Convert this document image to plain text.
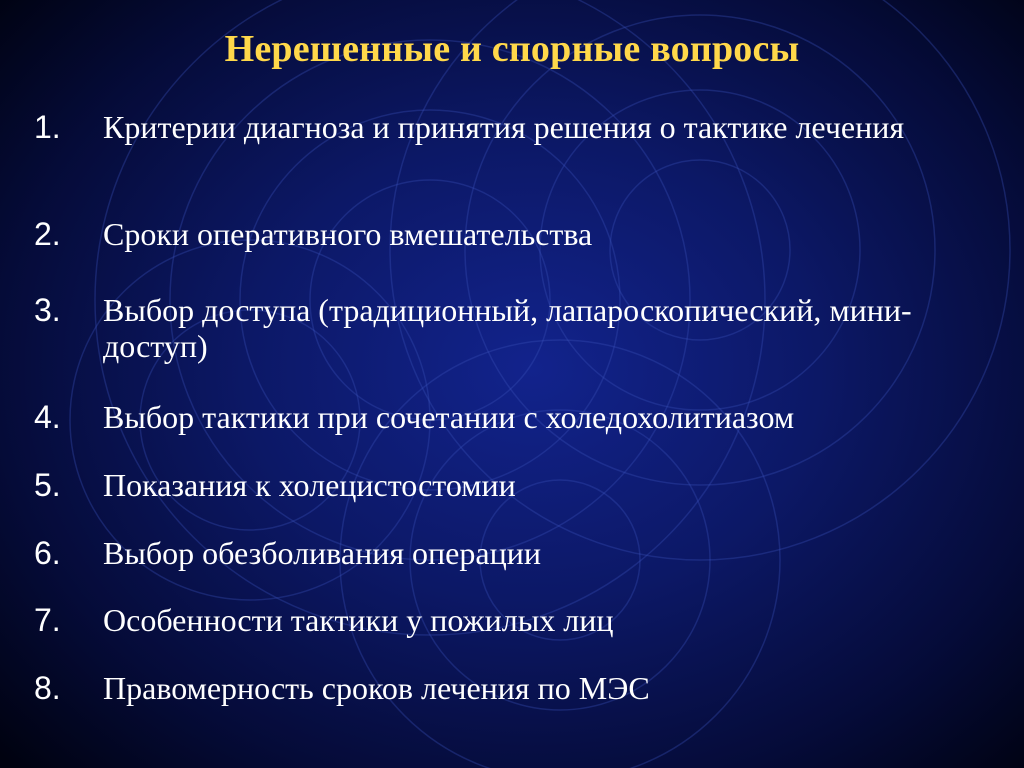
Нерешенные и спорные вопросы
1. Критерии диагноза и принятия решения о тактике лечения
2. Сроки оперативного вмешательства
3. Выбор доступа (традиционный, лапароскопический, мини-доступ)
4. Выбор тактики при сочетании с холедохолитиазом
5. Показания к холецистостомии
6. Выбор обезболивания операции
7. Особенности тактики у пожилых лиц
8. Правомерность сроков лечения по МЭС
